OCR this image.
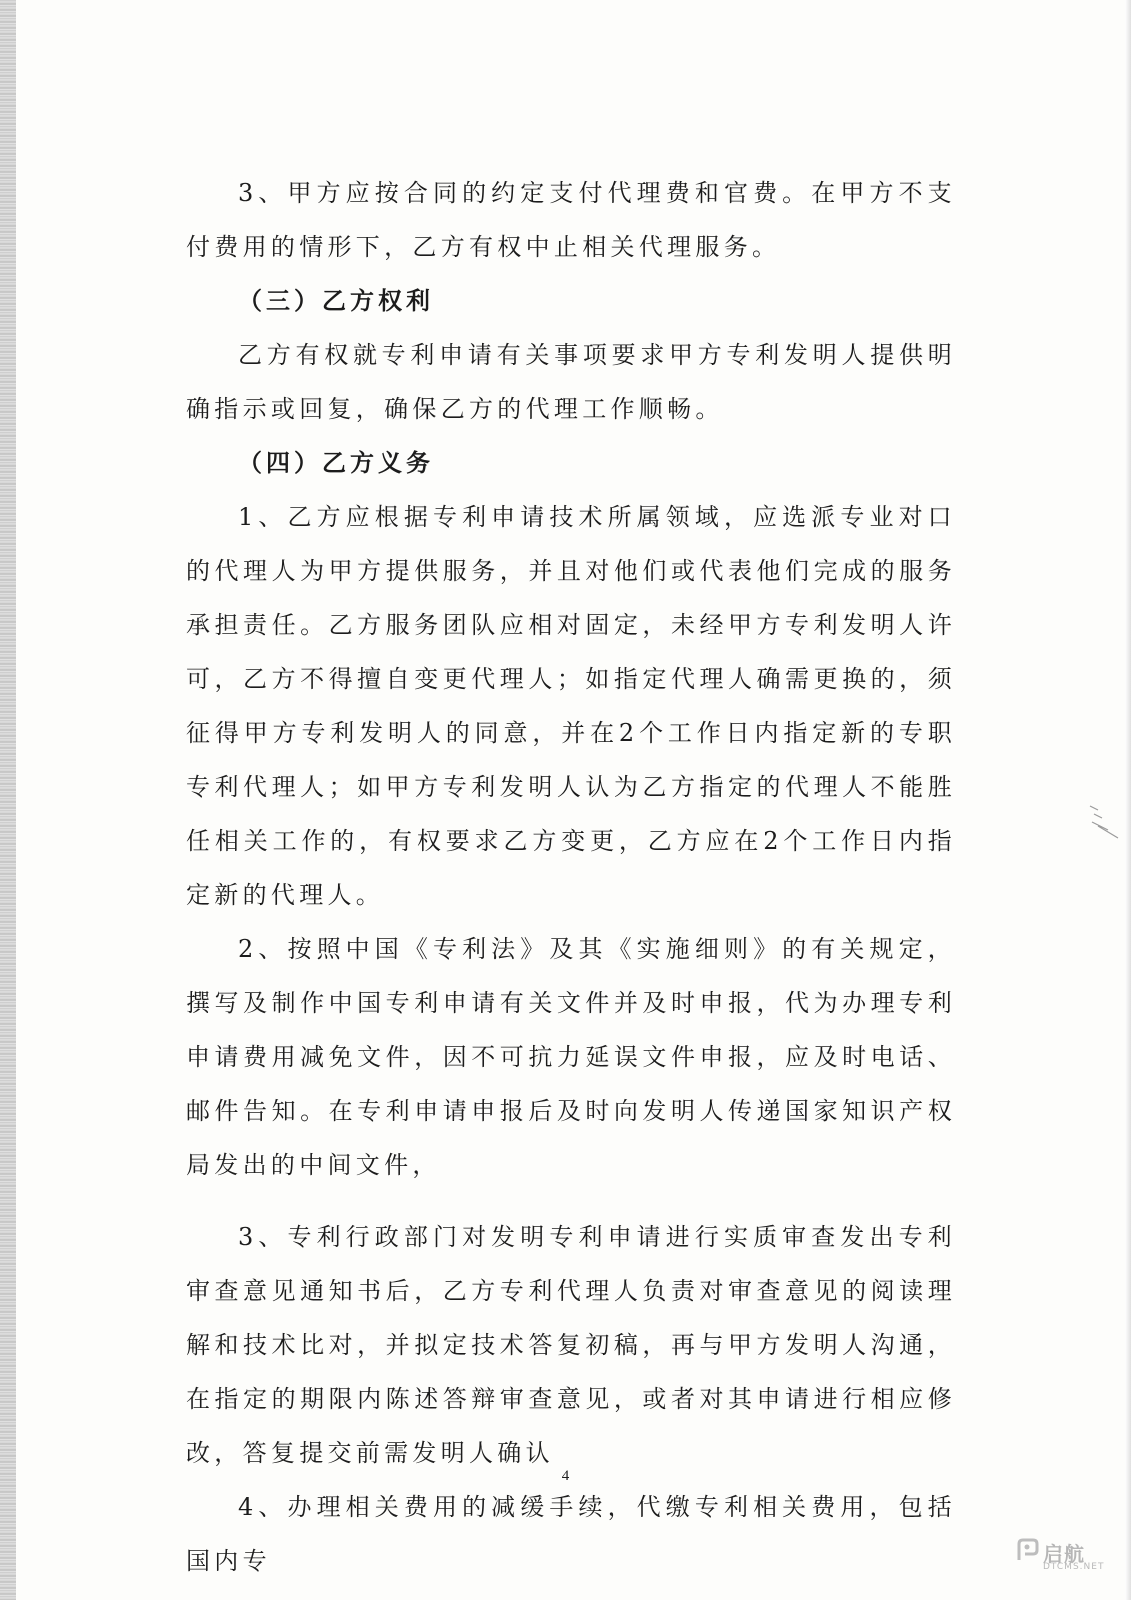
3、甲方应按合同的约定支付代理费和官费。在甲方不支付费用的情形下，乙方有权中止相关代理服务。

（三）乙方权利

乙方有权就专利申请有关事项要求甲方专利发明人提供明确指示或回复，确保乙方的代理工作顺畅。

（四）乙方义务

1、乙方应根据专利申请技术所属领域，应选派专业对口的代理人为甲方提供服务，并且对他们或代表他们完成的服务承担责任。乙方服务团队应相对固定，未经甲方专利发明人许可，乙方不得擅自变更代理人；如指定代理人确需更换的，须征得甲方专利发明人的同意，并在2个工作日内指定新的专职专利代理人；如甲方专利发明人认为乙方指定的代理人不能胜任相关工作的，有权要求乙方变更，乙方应在2个工作日内指定新的代理人。

2、按照中国《专利法》及其《实施细则》的有关规定，撰写及制作中国专利申请有关文件并及时申报，代为办理专利申请费用减免文件，因不可抗力延误文件申报，应及时电话、邮件告知。在专利申请申报后及时向发明人传递国家知识产权局发出的中间文件，

3、专利行政部门对发明专利申请进行实质审查发出专利审查意见通知书后，乙方专利代理人负责对审查意见的阅读理解和技术比对，并拟定技术答复初稿，再与甲方发明人沟通，在指定的期限内陈述答辩审查意见，或者对其申请进行相应修改，答复提交前需发明人确认

4、办理相关费用的减缓手续，代缴专利相关费用，包括国内专

4
启航
DTCMS.NET
